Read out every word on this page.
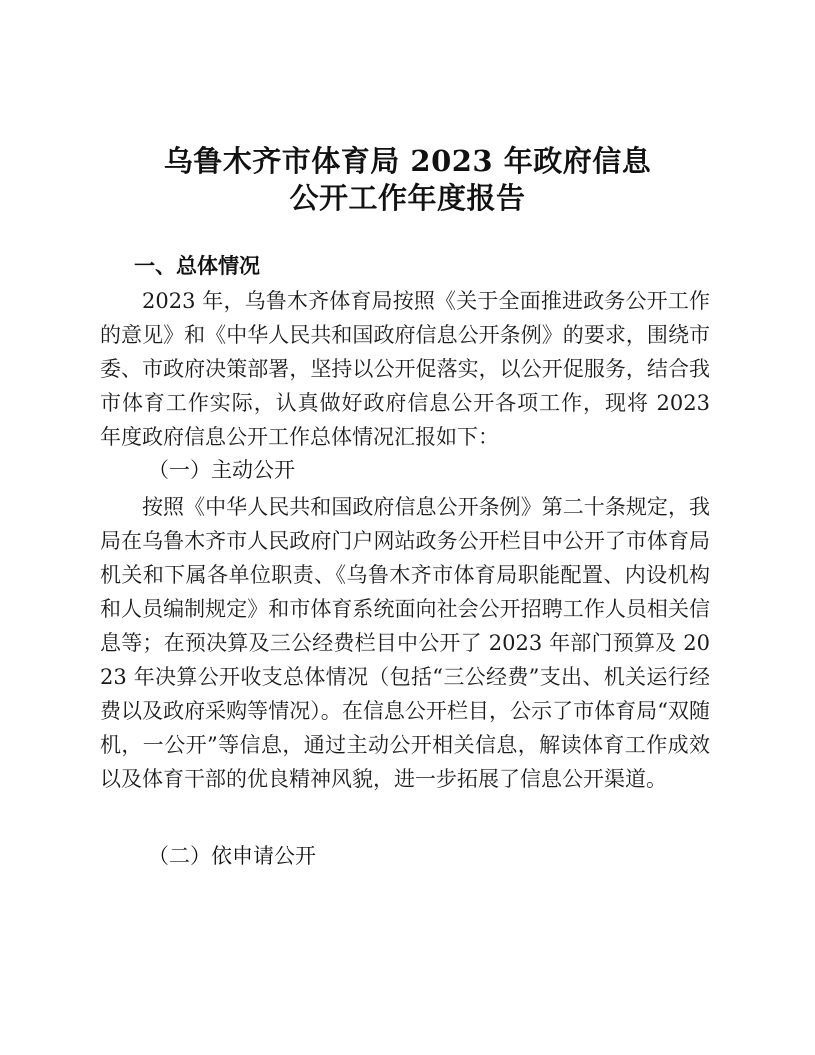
乌鲁木齐市体育局 2023 年政府信息
公开工作年度报告
一、总体情况
2023 年，乌鲁木齐体育局按照《关于全面推进政务公开工作的意见》和《中华人民共和国政府信息公开条例》的要求，围绕市委、市政府决策部署，坚持以公开促落实，以公开促服务，结合我市体育工作实际，认真做好政府信息公开各项工作，现将 2023 年度政府信息公开工作总体情况汇报如下：
（一）主动公开
按照《中华人民共和国政府信息公开条例》第二十条规定，我局在乌鲁木齐市人民政府门户网站政务公开栏目中公开了市体育局机关和下属各单位职责、《乌鲁木齐市体育局职能配置、内设机构和人员编制规定》和市体育系统面向社会公开招聘工作人员相关信息等；在预决算及三公经费栏目中公开了 2023 年部门预算及 2023 年决算公开收支总体情况（包括“三公经费”支出、机关运行经费以及政府采购等情况）。在信息公开栏目，公示了市体育局“双随机，一公开”等信息，通过主动公开相关信息，解读体育工作成效以及体育干部的优良精神风貌，进一步拓展了信息公开渠道。
（二）依申请公开
